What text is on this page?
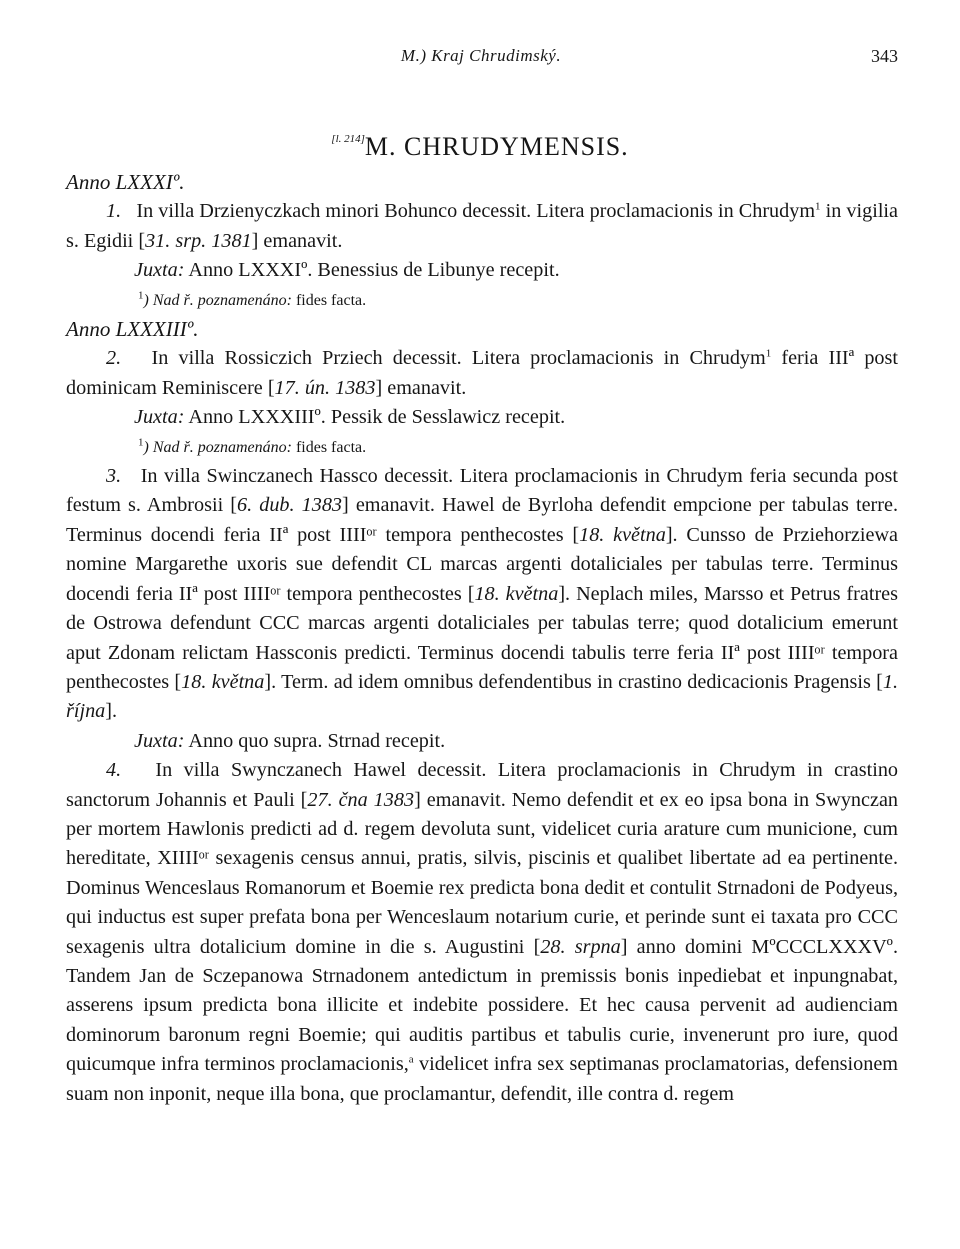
M.) Kraj Chrudimský.	343
[l. 214]M. CHRUDYMENSIS.

Anno LXXXIº.

1. In villa Drzienyczkach minori Bohunco decessit. Litera proclamacionis in Chrudym$^1$ in vigilia s. Egidii [31. srp. 1381] emanavit.

Juxta: Anno LXXXIº. Benessius de Libunye recepit.

$^1$) Nad ř. poznamenáno: fides facta.

Anno LXXXIIIº.

2. In villa Rossiczich Prziech decessit. Litera proclamacionis in Chrudym$^1$ feria IIIª post dominicam Reminiscere [17. ún. 1383] emanavit.

Juxta: Anno LXXXIIIº. Pessik de Sesslawicz recepit.

$^1$) Nad ř. poznamenáno: fides facta.

3. In villa Swinczanech Hassco decessit. Litera proclamacionis in Chrudym feria secunda post festum s. Ambrosii [6. dub. 1383] emanavit. Hawel de Byrloha defendit empcione per tabulas terre. Terminus docendi feria IIª post IIIIᵒʳ tempora penthecostes [18. května]. Cunsso de Prziehorziewa nomine Margarethe uxoris sue defendit CL marcas argenti dotaliciales per tabulas terre. Terminus docendi feria IIª post IIIIᵒʳ tempora penthecostes [18. května]. Neplach miles, Marsso et Petrus fratres de Ostrowa defendunt CCC marcas argenti dotaliciales per tabulas terre; quod dotalicium emerunt aput Zdonam relictam Hassconis predicti. Terminus docendi tabulis terre feria IIª post IIIIᵒʳ tempora penthecostes [18. května]. Term. ad idem omnibus defendentibus in crastino dedicacionis Pragensis [1. října].

Juxta: Anno quo supra. Strnad recepit.

4. In villa Swynczanech Hawel decessit. Litera proclamacionis in Chrudym in crastino sanctorum Johannis et Pauli [27. čna 1383] emanavit. Nemo defendit et ex eo ipsa bona in Swynczan per mortem Hawlonis predicti ad d. regem devoluta sunt, videlicet curia arature cum municione, cum hereditate, XIIIIᵒʳ sexagenis census annui, pratis, silvis, piscinis et qualibet libertate ad ea pertinente. Dominus Wenceslaus Romanorum et Boemie rex predicta bona dedit et contulit Strnadoni de Podyeus, qui inductus est super prefata bona per Wenceslaum notarium curie, et perinde sunt ei taxata pro CCC sexagenis ultra dotalicium domine in die s. Augustini [28. srpna] anno domini MºCCCLXXXVº. Tandem Jan de Sczepanowa Strnadonem antedictum in premissis bonis inpediebat et inpungnabat, asserens ipsum predicta bona illicite et indebite possidere. Et hec causa pervenit ad audienciam dominorum baronum regni Boemie; qui auditis partibus et tabulis curie, invenerunt pro iure, quod quicumque infra terminos proclamacionis,$^a$ videlicet infra sex septimanas proclamatorias, defensionem suam non inponit, neque illa bona, que proclamantur, defendit, ille contra d. regem
